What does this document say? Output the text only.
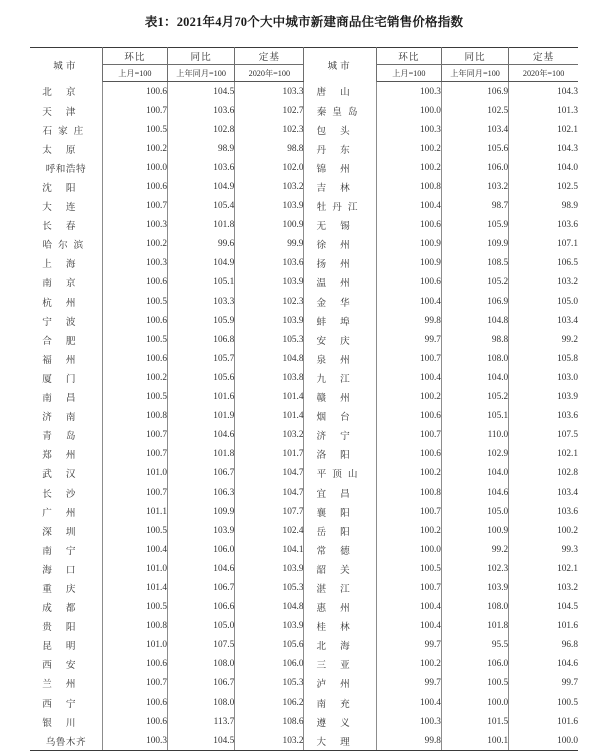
表1：2021年4月70个大中城市新建商品住宅销售价格指数
城市	环比	同比	定基	城市	环比	同比	定基
	上月=100	上年同月=100	2020年=100		上月=100	上年同月=100	2020年=100
北京	100.6	104.5	103.3	唐山	100.3	106.9	104.3
天津	100.7	103.6	102.7	秦皇岛	100.0	102.5	101.3
石家庄	100.5	102.8	102.3	包头	100.3	103.4	102.1
太原	100.2	98.9	98.8	丹东	100.2	105.6	104.3
呼和浩特	100.0	103.6	102.0	锦州	100.2	106.0	104.0
沈阳	100.6	104.9	103.2	吉林	100.8	103.2	102.5
大连	100.7	105.4	103.9	牡丹江	100.4	98.7	98.9
长春	100.3	101.8	100.9	无锡	100.6	105.9	103.6
哈尔滨	100.2	99.6	99.9	徐州	100.9	109.9	107.1
上海	100.3	104.9	103.6	扬州	100.9	108.5	106.5
南京	100.6	105.1	103.9	温州	100.6	105.2	103.2
杭州	100.5	103.3	102.3	金华	100.4	106.9	105.0
宁波	100.6	105.9	103.9	蚌埠	99.8	104.8	103.4
合肥	100.5	106.8	105.3	安庆	99.7	98.8	99.2
福州	100.6	105.7	104.8	泉州	100.7	108.0	105.8
厦门	100.2	105.6	103.8	九江	100.4	104.0	103.0
南昌	100.5	101.6	101.4	赣州	100.2	105.2	103.9
济南	100.8	101.9	101.4	烟台	100.6	105.1	103.6
青岛	100.7	104.6	103.2	济宁	100.7	110.0	107.5
郑州	100.7	101.8	101.7	洛阳	100.6	102.9	102.1
武汉	101.0	106.7	104.7	平顶山	100.2	104.0	102.8
长沙	100.7	106.3	104.7	宜昌	100.8	104.6	103.4
广州	101.1	109.9	107.7	襄阳	100.7	105.0	103.6
深圳	100.5	103.9	102.4	岳阳	100.2	100.9	100.2
南宁	100.4	106.0	104.1	常德	100.0	99.2	99.3
海口	101.0	104.6	103.9	韶关	100.5	102.3	102.1
重庆	101.4	106.7	105.3	湛江	100.7	103.9	103.2
成都	100.5	106.6	104.8	惠州	100.4	108.0	104.5
贵阳	100.8	105.0	103.9	桂林	100.4	101.8	101.6
昆明	101.0	107.5	105.6	北海	99.7	95.5	96.8
西安	100.6	108.0	106.0	三亚	100.2	106.0	104.6
兰州	100.7	106.7	105.3	泸州	99.7	100.5	99.7
西宁	100.6	108.0	106.2	南充	100.4	100.0	100.5
银川	100.6	113.7	108.6	遵义	100.3	101.5	101.6
乌鲁木齐	100.3	104.5	103.2	大理	99.8	100.1	100.0
